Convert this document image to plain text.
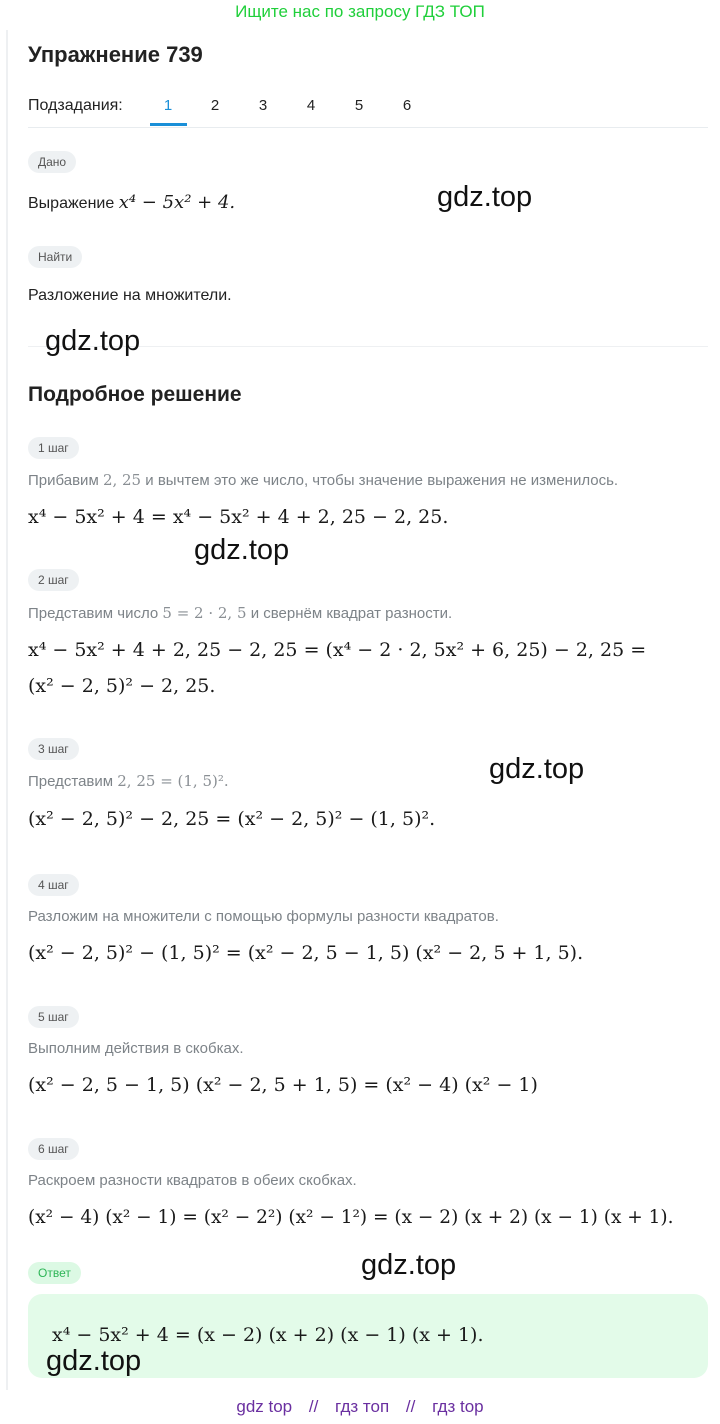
Ищите нас по запросу ГДЗ ТОП
Упражнение 739
Подзадания:	1	2	3	4	5	6
Дано
Выражение x⁴ − 5x² + 4.
Найти
Разложение на множители.
Подробное решение
1 шаг
Прибавим 2, 25 и вычтем это же число, чтобы значение выражения не изменилось.
x⁴ − 5x² + 4 = x⁴ − 5x² + 4 + 2, 25 − 2, 25.
2 шаг
Представим число 5 = 2 · 2, 5 и свернём квадрат разности.
x⁴ − 5x² + 4 + 2, 25 − 2, 25 = (x⁴ − 2 · 2, 5x² + 6, 25) − 2, 25 =
(x² − 2, 5)² − 2, 25.
3 шаг
Представим 2, 25 = (1, 5)².
(x² − 2, 5)² − 2, 25 = (x² − 2, 5)² − (1, 5)².
4 шаг
Разложим на множители с помощью формулы разности квадратов.
(x² − 2, 5)² − (1, 5)² = (x² − 2, 5 − 1, 5) (x² − 2, 5 + 1, 5).
5 шаг
Выполним действия в скобках.
(x² − 2, 5 − 1, 5) (x² − 2, 5 + 1, 5) = (x² − 4) (x² − 1)
6 шаг
Раскроем разности квадратов в обеих скобках.
(x² − 4) (x² − 1) = (x² − 2²) (x² − 1²) = (x − 2) (x + 2) (x − 1) (x + 1).
Ответ
x⁴ − 5x² + 4 = (x − 2) (x + 2) (x − 1) (x + 1).
gdz.top
gdz.top
gdz.top
gdz.top
gdz.top
gdz.top
gdz top // гдз топ // гдз top
